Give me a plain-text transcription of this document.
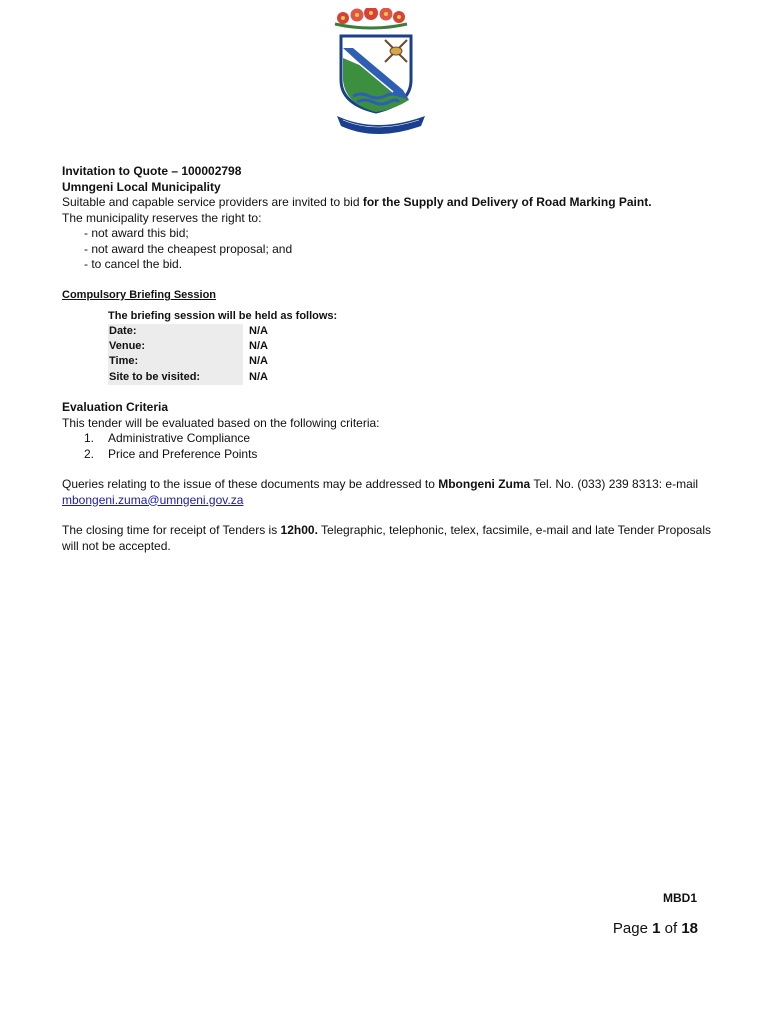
Invitation to Quote – 100002798
Umngeni Local Municipality
Suitable and capable service providers are invited to bid for the Supply and Delivery of Road Marking Paint.
The municipality reserves the right to:
- not award this bid;
- not award the cheapest proposal; and
- to cancel the bid.
Compulsory Briefing Session
The briefing session will be held as follows:
Date:	N/A
Venue:	N/A
Time:	N/A
Site to be visited:	N/A
Evaluation Criteria
This tender will be evaluated based on the following criteria:
1. Administrative Compliance
2. Price and Preference Points
Queries relating to the issue of these documents may be addressed to Mbongeni Zuma Tel. No. (033) 239 8313: e-mail
mbongeni.zuma@umngeni.gov.za
The closing time for receipt of Tenders is 12h00. Telegraphic, telephonic, telex, facsimile, e-mail and late Tender Proposals
will not be accepted.
MBD1
Page 1 of 18
